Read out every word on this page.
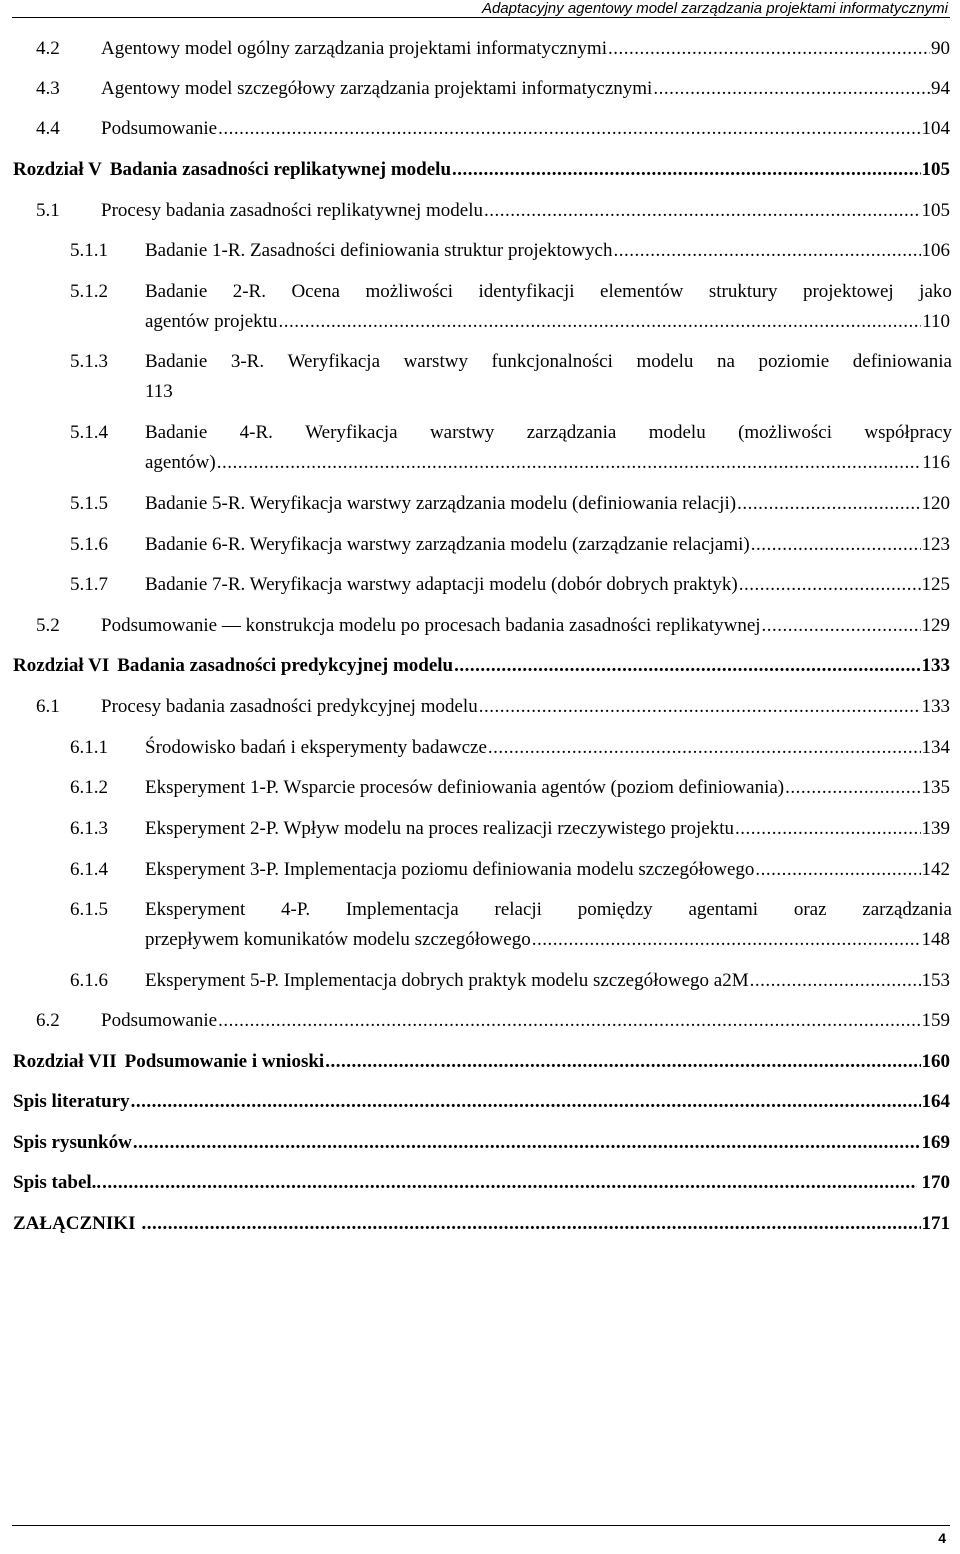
Adaptacyjny agentowy model zarządzania projektami informatycznymi
4.2 Agentowy model ogólny zarządzania projektami informatycznymi .....	90
4.3 Agentowy model szczegółowy zarządzania projektami informatycznymi .....	94
4.4 Podsumowanie .....	104
Rozdział V Badania zasadności replikatywnej modelu .....	105
5.1 Procesy badania zasadności replikatywnej modelu .....	105
5.1.1 Badanie 1-R. Zasadności definiowania struktur projektowych .....	106
5.1.2 Badanie 2-R. Ocena możliwości identyfikacji elementów struktury projektowej jako
agentów projektu .....	110
5.1.3 Badanie 3-R. Weryfikacja warstwy funkcjonalności modelu na poziomie definiowania
113
5.1.4 Badanie 4-R. Weryfikacja warstwy zarządzania modelu (możliwości współpracy
agentów) .....	116
5.1.5 Badanie 5-R. Weryfikacja warstwy zarządzania modelu (definiowania relacji) .....	120
5.1.6 Badanie 6-R. Weryfikacja warstwy zarządzania modelu (zarządzanie relacjami) .....	123
5.1.7 Badanie 7-R. Weryfikacja warstwy adaptacji modelu (dobór dobrych praktyk) .....	125
5.2 Podsumowanie — konstrukcja modelu po procesach badania zasadności replikatywnej .....	129
Rozdział VI Badania zasadności predykcyjnej modelu .....	133
6.1 Procesy badania zasadności predykcyjnej modelu .....	133
6.1.1 Środowisko badań i eksperymenty badawcze .....	134
6.1.2 Eksperyment 1-P. Wsparcie procesów definiowania agentów (poziom definiowania) .....	135
6.1.3 Eksperyment 2-P. Wpływ modelu na proces realizacji rzeczywistego projektu .....	139
6.1.4 Eksperyment 3-P. Implementacja poziomu definiowania modelu szczegółowego .....	142
6.1.5 Eksperyment 4-P. Implementacja relacji pomiędzy agentami oraz zarządzania
przepływem komunikatów modelu szczegółowego .....	148
6.1.6 Eksperyment 5-P. Implementacja dobrych praktyk modelu szczegółowego a2M .....	153
6.2 Podsumowanie .....	159
Rozdział VII Podsumowanie i wnioski .....	160
Spis literatury .....	164
Spis rysunków .....	169
Spis tabel.. .....	170
ZAŁĄCZNIKI .....	171
4
